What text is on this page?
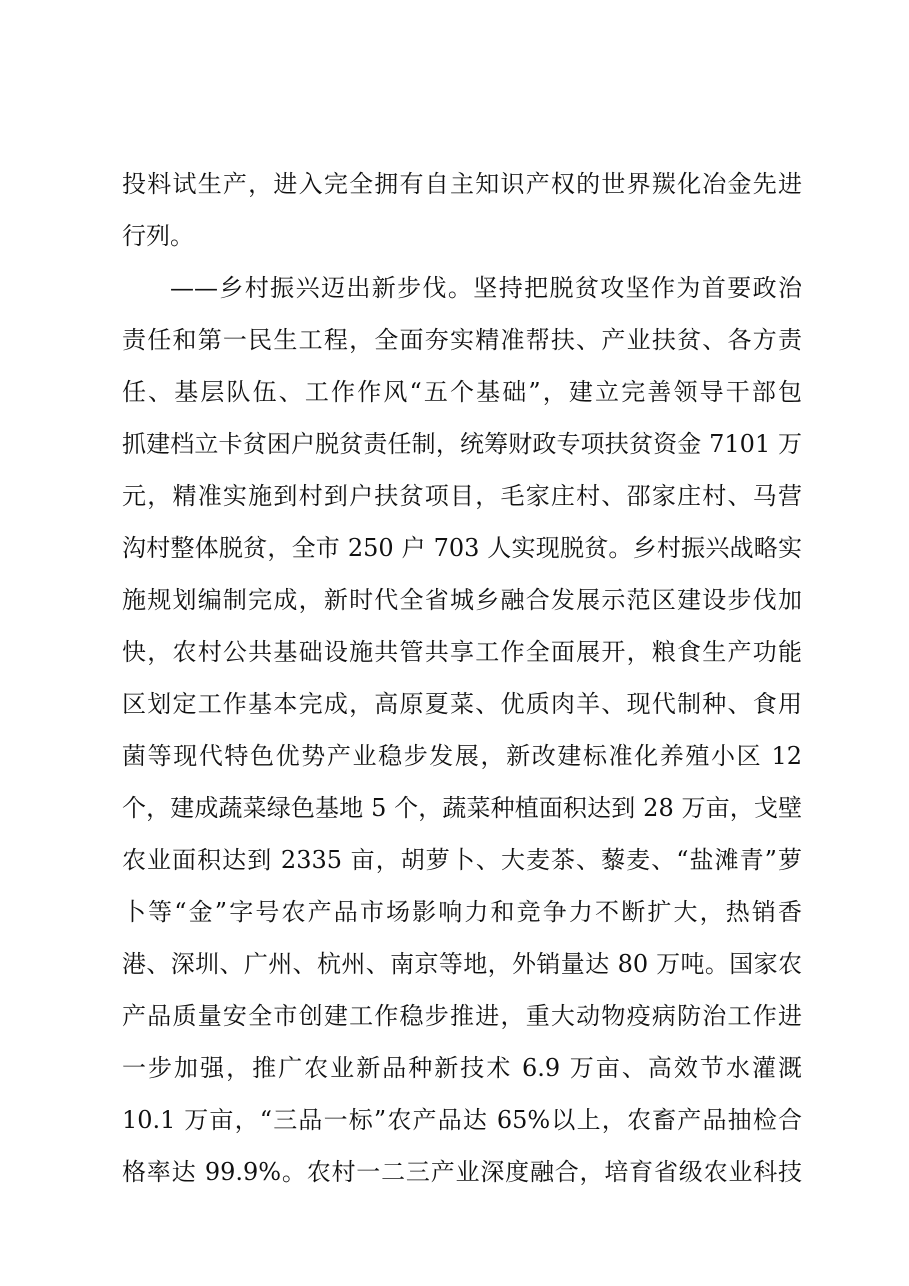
投料试生产，进入完全拥有自主知识产权的世界羰化冶金先进
行列。
——乡村振兴迈出新步伐。坚持把脱贫攻坚作为首要政治
责任和第一民生工程，全面夯实精准帮扶、产业扶贫、各方责
任、基层队伍、工作作风“五个基础”，建立完善领导干部包
抓建档立卡贫困户脱贫责任制，统筹财政专项扶贫资金 7101 万
元，精准实施到村到户扶贫项目，毛家庄村、邵家庄村、马营
沟村整体脱贫，全市 250 户 703 人实现脱贫。乡村振兴战略实
施规划编制完成，新时代全省城乡融合发展示范区建设步伐加
快，农村公共基础设施共管共享工作全面展开，粮食生产功能
区划定工作基本完成，高原夏菜、优质肉羊、现代制种、食用
菌等现代特色优势产业稳步发展，新改建标准化养殖小区 12
个，建成蔬菜绿色基地 5 个，蔬菜种植面积达到 28 万亩，戈壁
农业面积达到 2335 亩，胡萝卜、大麦茶、藜麦、“盐滩青”萝
卜等“金”字号农产品市场影响力和竞争力不断扩大，热销香
港、深圳、广州、杭州、南京等地，外销量达 80 万吨。国家农
产品质量安全市创建工作稳步推进，重大动物疫病防治工作进
一步加强，推广农业新品种新技术 6.9 万亩、高效节水灌溉
10.1 万亩，“三品一标”农产品达 65%以上，农畜产品抽检合
格率达 99.9%。农村一二三产业深度融合，培育省级农业科技
